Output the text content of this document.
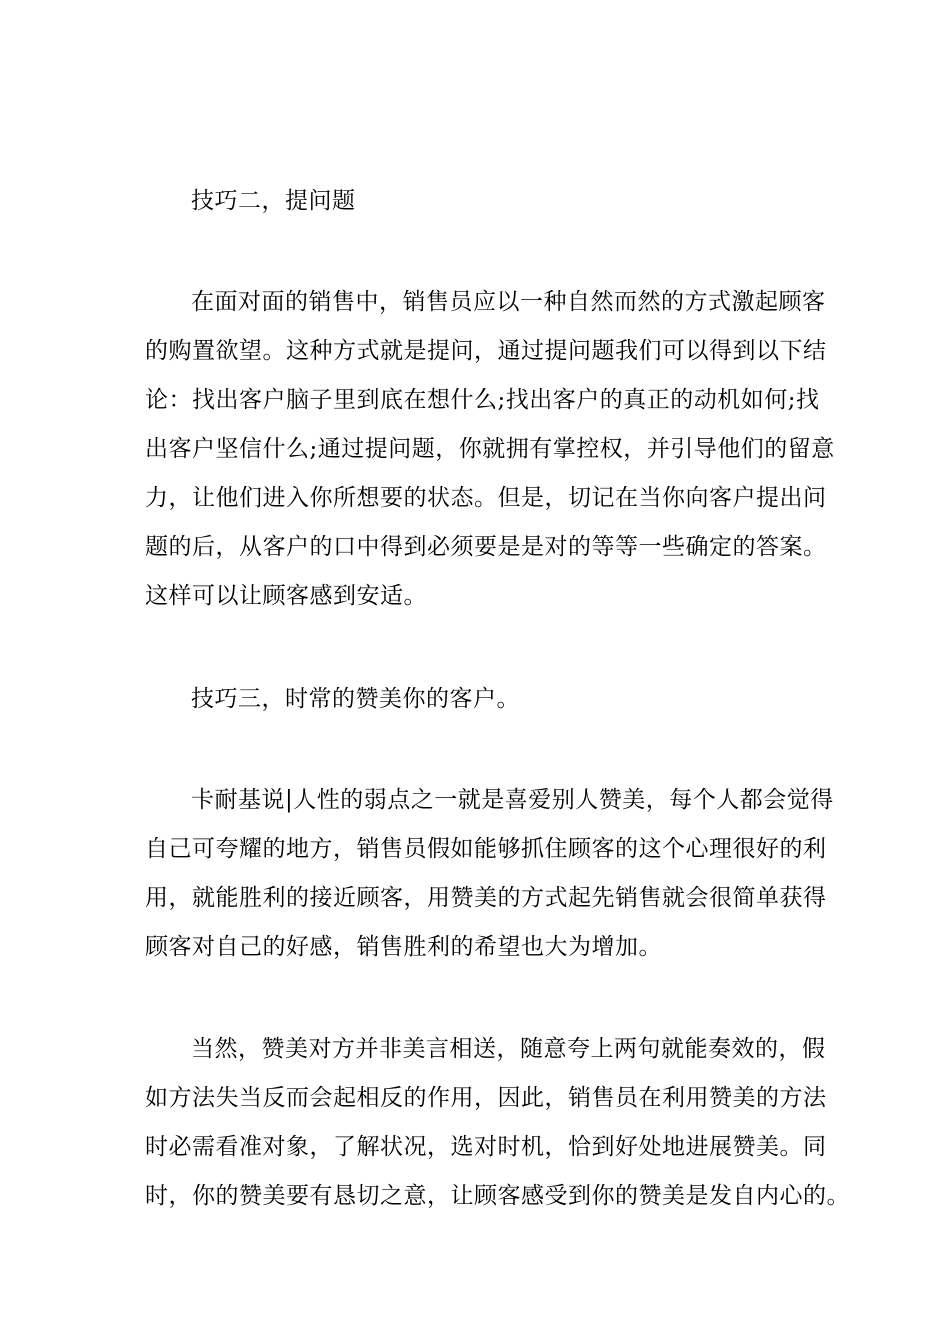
技巧二，提问题
在面对面的销售中，销售员应以一种自然而然的方式激起顾客
的购置欲望。这种方式就是提问，通过提问题我们可以得到以下结
论：找出客户脑子里到底在想什么;找出客户的真正的动机如何;找
出客户坚信什么;通过提问题，你就拥有掌控权，并引导他们的留意
力，让他们进入你所想要的状态。但是，切记在当你向客户提出问
题的后，从客户的口中得到必须要是是对的等等一些确定的答案。
这样可以让顾客感到安适。
技巧三，时常的赞美你的客户。
卡耐基说|人性的弱点之一就是喜爱别人赞美，每个人都会觉得
自己可夸耀的地方，销售员假如能够抓住顾客的这个心理很好的利
用，就能胜利的接近顾客，用赞美的方式起先销售就会很简单获得
顾客对自己的好感，销售胜利的希望也大为增加。
当然，赞美对方并非美言相送，随意夸上两句就能奏效的，假
如方法失当反而会起相反的作用，因此，销售员在利用赞美的方法
时必需看准对象，了解状况，选对时机，恰到好处地进展赞美。同
时，你的赞美要有恳切之意，让顾客感受到你的赞美是发自内心的。
